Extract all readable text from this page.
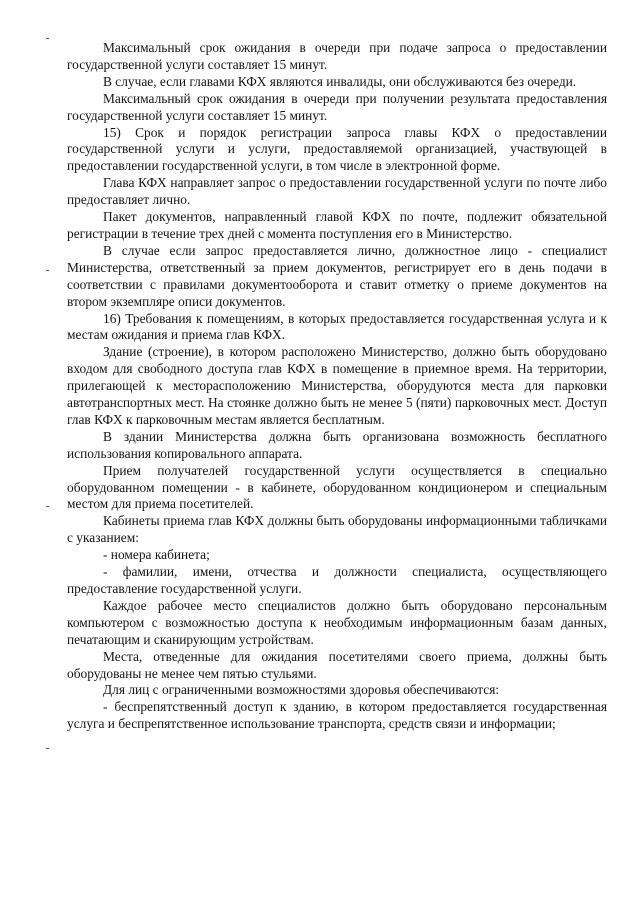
Максимальный срок ожидания в очереди при подаче запроса о предоставлении государственной услуги составляет 15 минут.

В случае, если главами КФХ являются инвалиды, они обслуживаются без очереди.

Максимальный срок ожидания в очереди при получении результата предоставления государственной услуги составляет 15 минут.

15) Срок и порядок регистрации запроса главы КФХ о предоставлении государственной услуги и услуги, предоставляемой организацией, участвующей в предоставлении государственной услуги, в том числе в электронной форме.

Глава КФХ направляет запрос о предоставлении государственной услуги по почте либо предоставляет лично.

Пакет документов, направленный главой КФХ по почте, подлежит обязательной регистрации в течение трех дней с момента поступления его в Министерство.

В случае если запрос предоставляется лично, должностное лицо - специалист Министерства, ответственный за прием документов, регистрирует его в день подачи в соответствии с правилами документооборота и ставит отметку о приеме документов на втором экземпляре описи документов.

16) Требования к помещениям, в которых предоставляется государственная услуга и к местам ожидания и приема глав КФХ.

Здание (строение), в котором расположено Министерство, должно быть оборудовано входом для свободного доступа глав КФХ в помещение в приемное время. На территории, прилегающей к месторасположению Министерства, оборудуются места для парковки автотранспортных мест. На стоянке должно быть не менее 5 (пяти) парковочных мест. Доступ глав КФХ к парковочным местам является бесплатным.

В здании Министерства должна быть организована возможность бесплатного использования копировального аппарата.

Прием получателей государственной услуги осуществляется в специально оборудованном помещении - в кабинете, оборудованном кондиционером и специальным местом для приема посетителей.

Кабинеты приема глав КФХ должны быть оборудованы информационными табличками с указанием:

- номера кабинета;

- фамилии, имени, отчества и должности специалиста, осуществляющего предоставление государственной услуги.

Каждое рабочее место специалистов должно быть оборудовано персональным компьютером с возможностью доступа к необходимым информационным базам данных, печатающим и сканирующим устройствам.

Места, отведенные для ожидания посетителями своего приема, должны быть оборудованы не менее чем пятью стульями.

Для лиц с ограниченными возможностями здоровья обеспечиваются:

- беспрепятственный доступ к зданию, в котором предоставляется государственная услуга и беспрепятственное использование транспорта, средств связи и информации;
